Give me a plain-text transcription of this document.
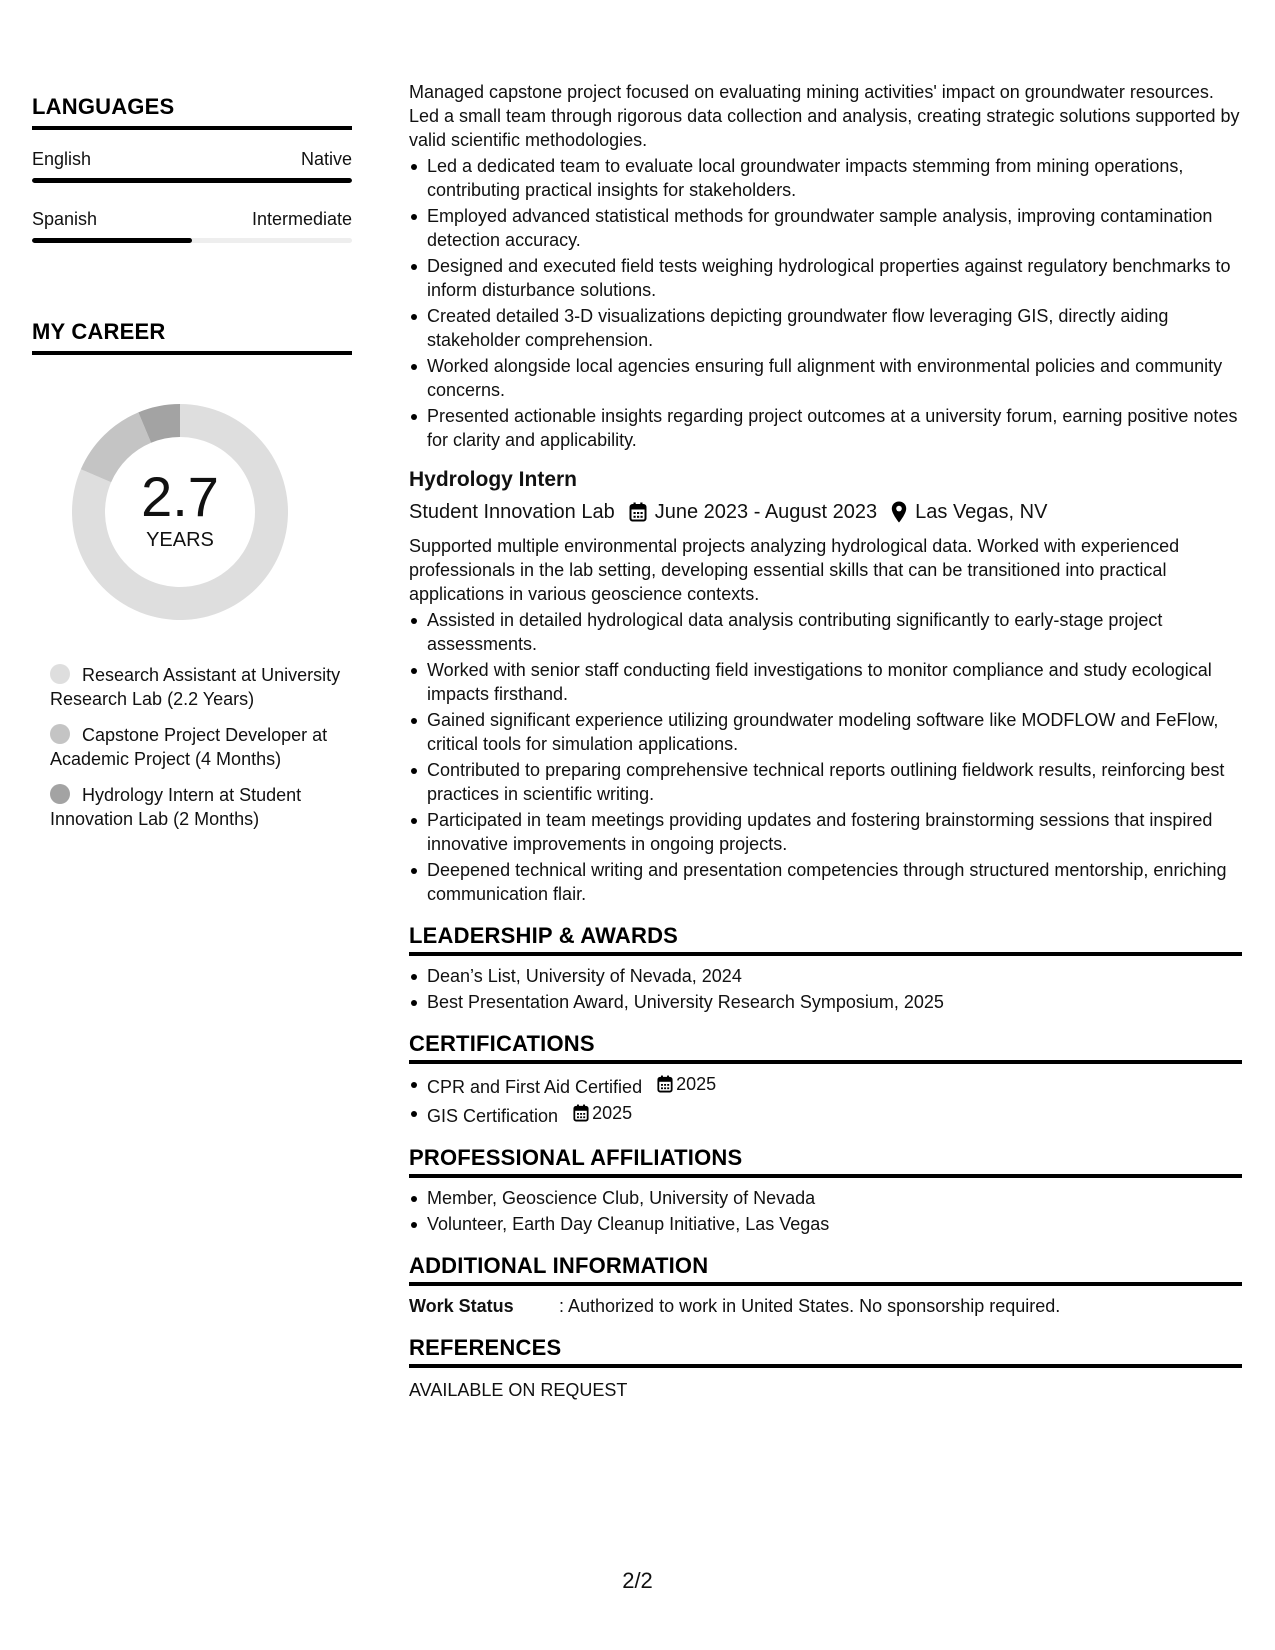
LANGUAGES
English	Native
Spanish	Intermediate
MY CAREER
2.7
YEARS
Research Assistant at University Research Lab (2.2 Years)
Capstone Project Developer at Academic Project (4 Months)
Hydrology Intern at Student Innovation Lab (2 Months)
Managed capstone project focused on evaluating mining activities' impact on groundwater resources. Led a small team through rigorous data collection and analysis, creating strategic solutions supported by valid scientific methodologies.
Led a dedicated team to evaluate local groundwater impacts stemming from mining operations, contributing practical insights for stakeholders.
Employed advanced statistical methods for groundwater sample analysis, improving contamination detection accuracy.
Designed and executed field tests weighing hydrological properties against regulatory benchmarks to inform disturbance solutions.
Created detailed 3-D visualizations depicting groundwater flow leveraging GIS, directly aiding stakeholder comprehension.
Worked alongside local agencies ensuring full alignment with environmental policies and community concerns.
Presented actionable insights regarding project outcomes at a university forum, earning positive notes for clarity and applicability.
Hydrology Intern
Student Innovation Lab June 2023 - August 2023 Las Vegas, NV
Supported multiple environmental projects analyzing hydrological data. Worked with experienced professionals in the lab setting, developing essential skills that can be transitioned into practical applications in various geoscience contexts.
Assisted in detailed hydrological data analysis contributing significantly to early-stage project assessments.
Worked with senior staff conducting field investigations to monitor compliance and study ecological impacts firsthand.
Gained significant experience utilizing groundwater modeling software like MODFLOW and FeFlow, critical tools for simulation applications.
Contributed to preparing comprehensive technical reports outlining fieldwork results, reinforcing best practices in scientific writing.
Participated in team meetings providing updates and fostering brainstorming sessions that inspired innovative improvements in ongoing projects.
Deepened technical writing and presentation competencies through structured mentorship, enriching communication flair.
LEADERSHIP & AWARDS
Dean’s List, University of Nevada, 2024
Best Presentation Award, University Research Symposium, 2025
CERTIFICATIONS
CPR and First Aid Certified 2025
GIS Certification 2025
PROFESSIONAL AFFILIATIONS
Member, Geoscience Club, University of Nevada
Volunteer, Earth Day Cleanup Initiative, Las Vegas
ADDITIONAL INFORMATION
Work Status	: Authorized to work in United States. No sponsorship required.
REFERENCES
AVAILABLE ON REQUEST
2/2
